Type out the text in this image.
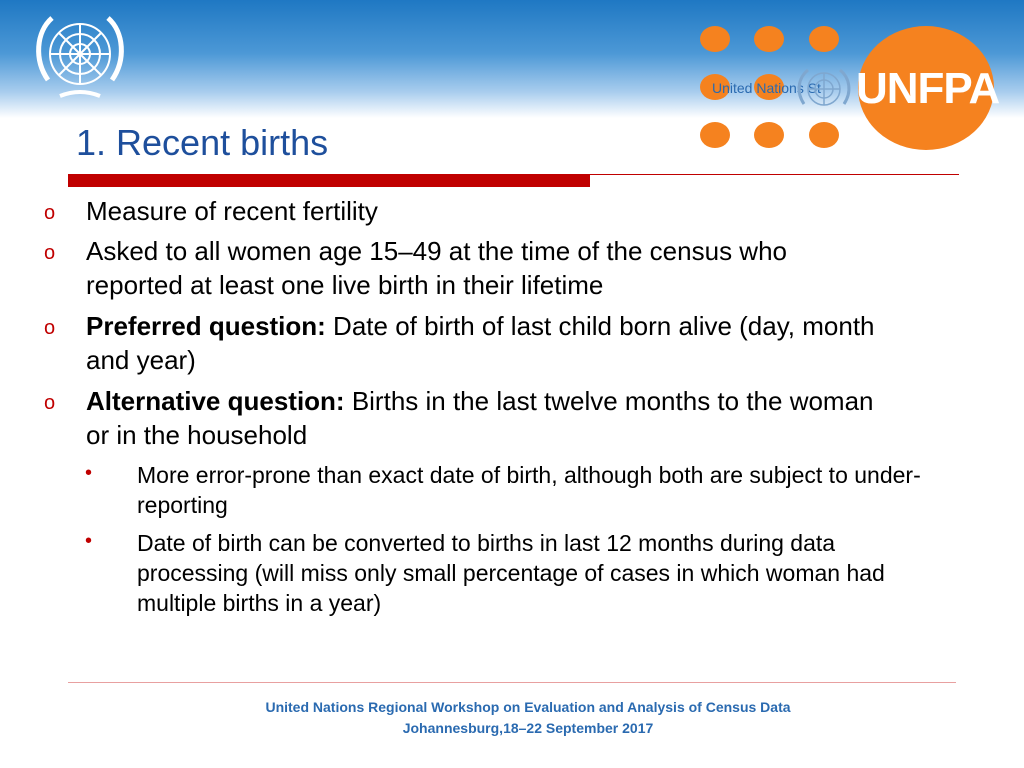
United Nations St UNFPA
1. Recent births
o Measure of recent fertility
o Asked to all women age 15–49 at the time of the census who reported at least one live birth in their lifetime
o Preferred question: Date of birth of last child born alive (day, month and year)
o Alternative question: Births in the last twelve months to the woman or in the household
• More error-prone than exact date of birth, although both are subject to under-reporting
• Date of birth can be converted to births in last 12 months during data processing (will miss only small percentage of cases in which woman had multiple births in a year)
United Nations Regional Workshop on Evaluation and Analysis of Census Data
Johannesburg,18–22 September 2017
